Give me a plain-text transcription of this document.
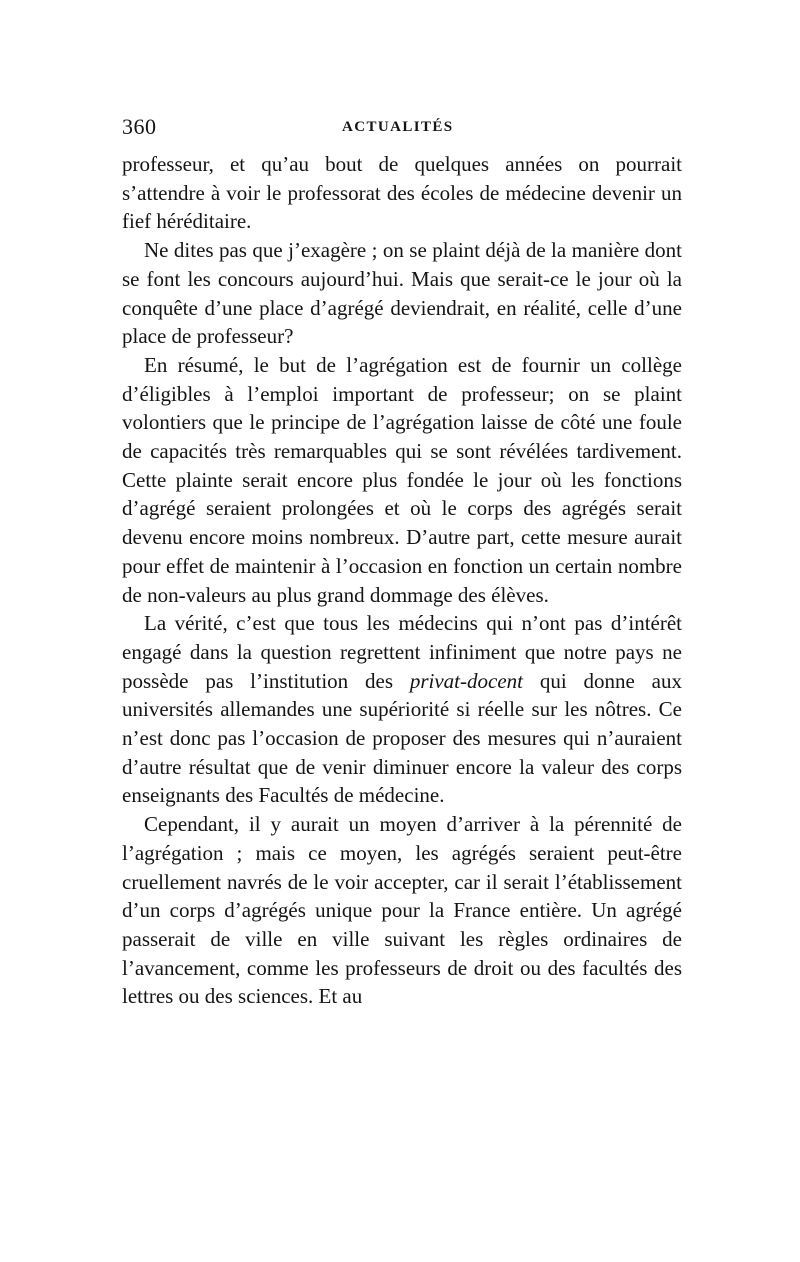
360	ACTUALITÉS

professeur, et qu’au bout de quelques années on pourrait s’attendre à voir le professorat des écoles de médecine devenir un fief héréditaire.

Ne dites pas que j’exagère ; on se plaint déjà de la manière dont se font les concours aujourd’hui. Mais que serait-ce le jour où la conquête d’une place d’agrégé deviendrait, en réalité, celle d’une place de professeur?

En résumé, le but de l’agrégation est de fournir un collège d’éligibles à l’emploi important de professeur; on se plaint volontiers que le principe de l’agrégation laisse de côté une foule de capacités très remarquables qui se sont révélées tardivement. Cette plainte serait encore plus fondée le jour où les fonctions d’agrégé seraient prolongées et où le corps des agrégés serait devenu encore moins nombreux. D’autre part, cette mesure aurait pour effet de maintenir à l’occasion en fonction un certain nombre de non-valeurs au plus grand dommage des élèves.

La vérité, c’est que tous les médecins qui n’ont pas d’intérêt engagé dans la question regrettent infiniment que notre pays ne possède pas l’institution des privat-docent qui donne aux universités allemandes une supériorité si réelle sur les nôtres. Ce n’est donc pas l’occasion de proposer des mesures qui n’auraient d’autre résultat que de venir diminuer encore la valeur des corps enseignants des Facultés de médecine.

Cependant, il y aurait un moyen d’arriver à la pérennité de l’agrégation ; mais ce moyen, les agrégés seraient peut-être cruellement navrés de le voir accepter, car il serait l’établissement d’un corps d’agrégés unique pour la France entière. Un agrégé passerait de ville en ville suivant les règles ordinaires de l’avancement, comme les professeurs de droit ou des facultés des lettres ou des sciences. Et au
